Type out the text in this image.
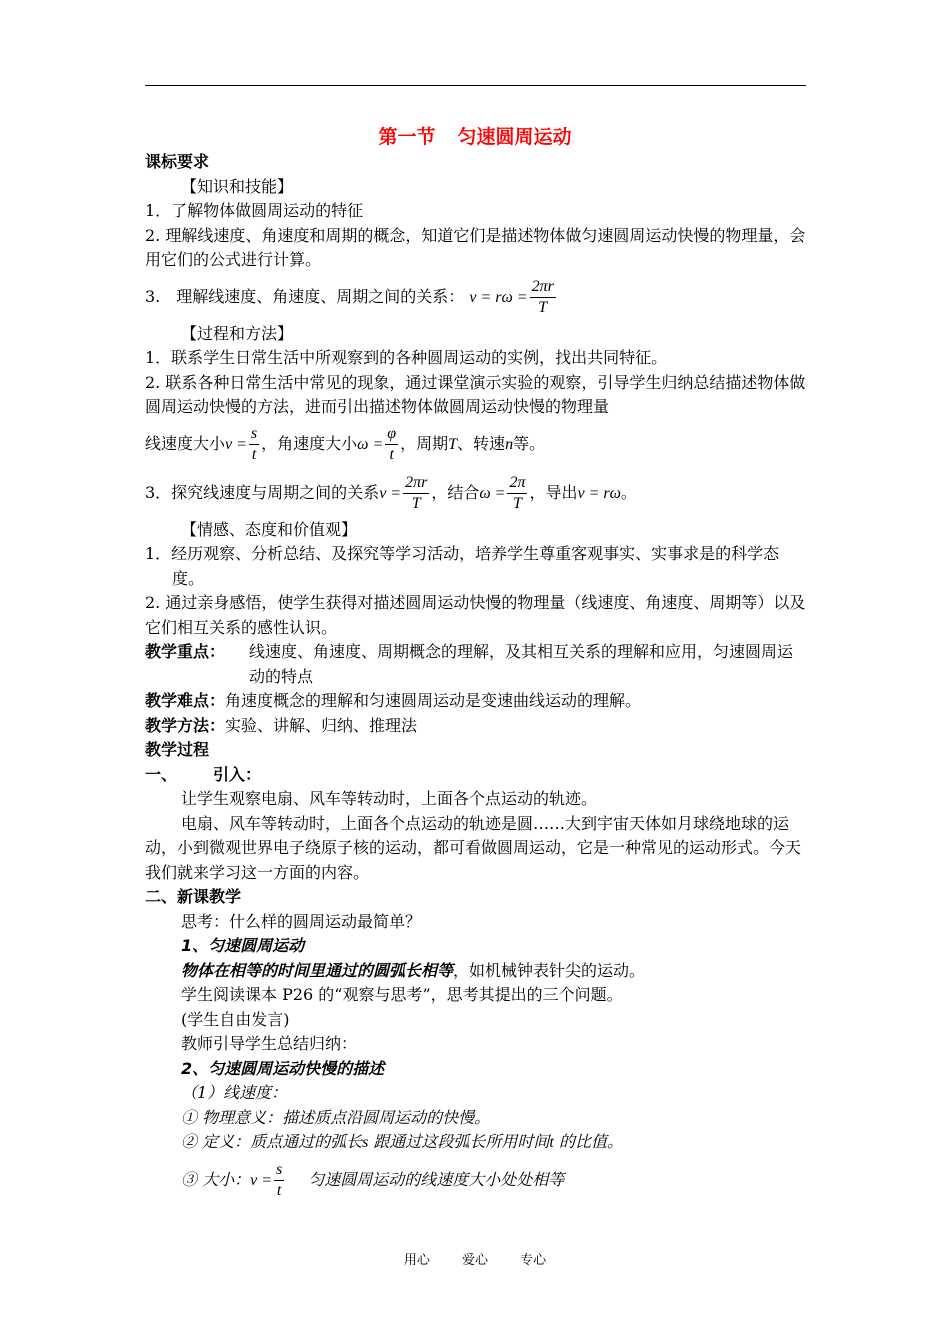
第一节 匀速圆周运动

课标要求

【知识和技能】

1．了解物体做圆周运动的特征

2. 理解线速度、角速度和周期的概念，知道它们是描述物体做匀速圆周运动快慢的物理量，会用它们的公式进行计算。

3.　理解线速度、角速度、周期之间的关系： $v = r\omega = \frac{2\pi r}{T}$

【过程和方法】

1．联系学生日常生活中所观察到的各种圆周运动的实例，找出共同特征。

2. 联系各种日常生活中常见的现象，通过课堂演示实验的观察，引导学生归纳总结描述物体做圆周运动快慢的方法，进而引出描述物体做圆周运动快慢的物理量

线速度大小$v = \frac{s}{t}$ ，角速度大小$\omega = \frac{\varphi}{t}$ ，周期T、转速n等。

3．探究线速度与周期之间的关系$v = \frac{2\pi r}{T}$ ，结合$\omega = \frac{2\pi}{T}$ ，导出v = rω。

【情感、态度和价值观】

1．经历观察、分析总结、及探究等学习活动，培养学生尊重客观事实、实事求是的科学态度。

2. 通过亲身感悟，使学生获得对描述圆周运动快慢的物理量（线速度、角速度、周期等）以及它们相互关系的感性认识。

教学重点：	线速度、角速度、周期概念的理解，及其相互关系的理解和应用，匀速圆周运动的特点

教学难点：角速度概念的理解和匀速圆周运动是变速曲线运动的理解。

教学方法：实验、讲解、归纳、推理法

教学过程

一、 引入：

让学生观察电扇、风车等转动时，上面各个点运动的轨迹。

电扇、风车等转动时，上面各个点运动的轨迹是圆……大到宇宙天体如月球绕地球的运动，小到微观世界电子绕原子核的运动，都可看做圆周运动，它是一种常见的运动形式。今天我们就来学习这一方面的内容。

二、新课教学

思考：什么样的圆周运动最简单？

1、匀速圆周运动

物体在相等的时间里通过的圆弧长相等，如机械钟表针尖的运动。

学生阅读课本 P26 的“观察与思考”，思考其提出的三个问题。

(学生自由发言)

教师引导学生总结归纳：

2、匀速圆周运动快慢的描述

（1）线速度：

① 物理意义：描述质点沿圆周运动的快慢。

② 定义：质点通过的弧长s 跟通过这段弧长所用时间t 的比值。

③ 大小：$v = \frac{s}{t}$ 匀速圆周运动的线速度大小处处相等

用心 爱心 专心
